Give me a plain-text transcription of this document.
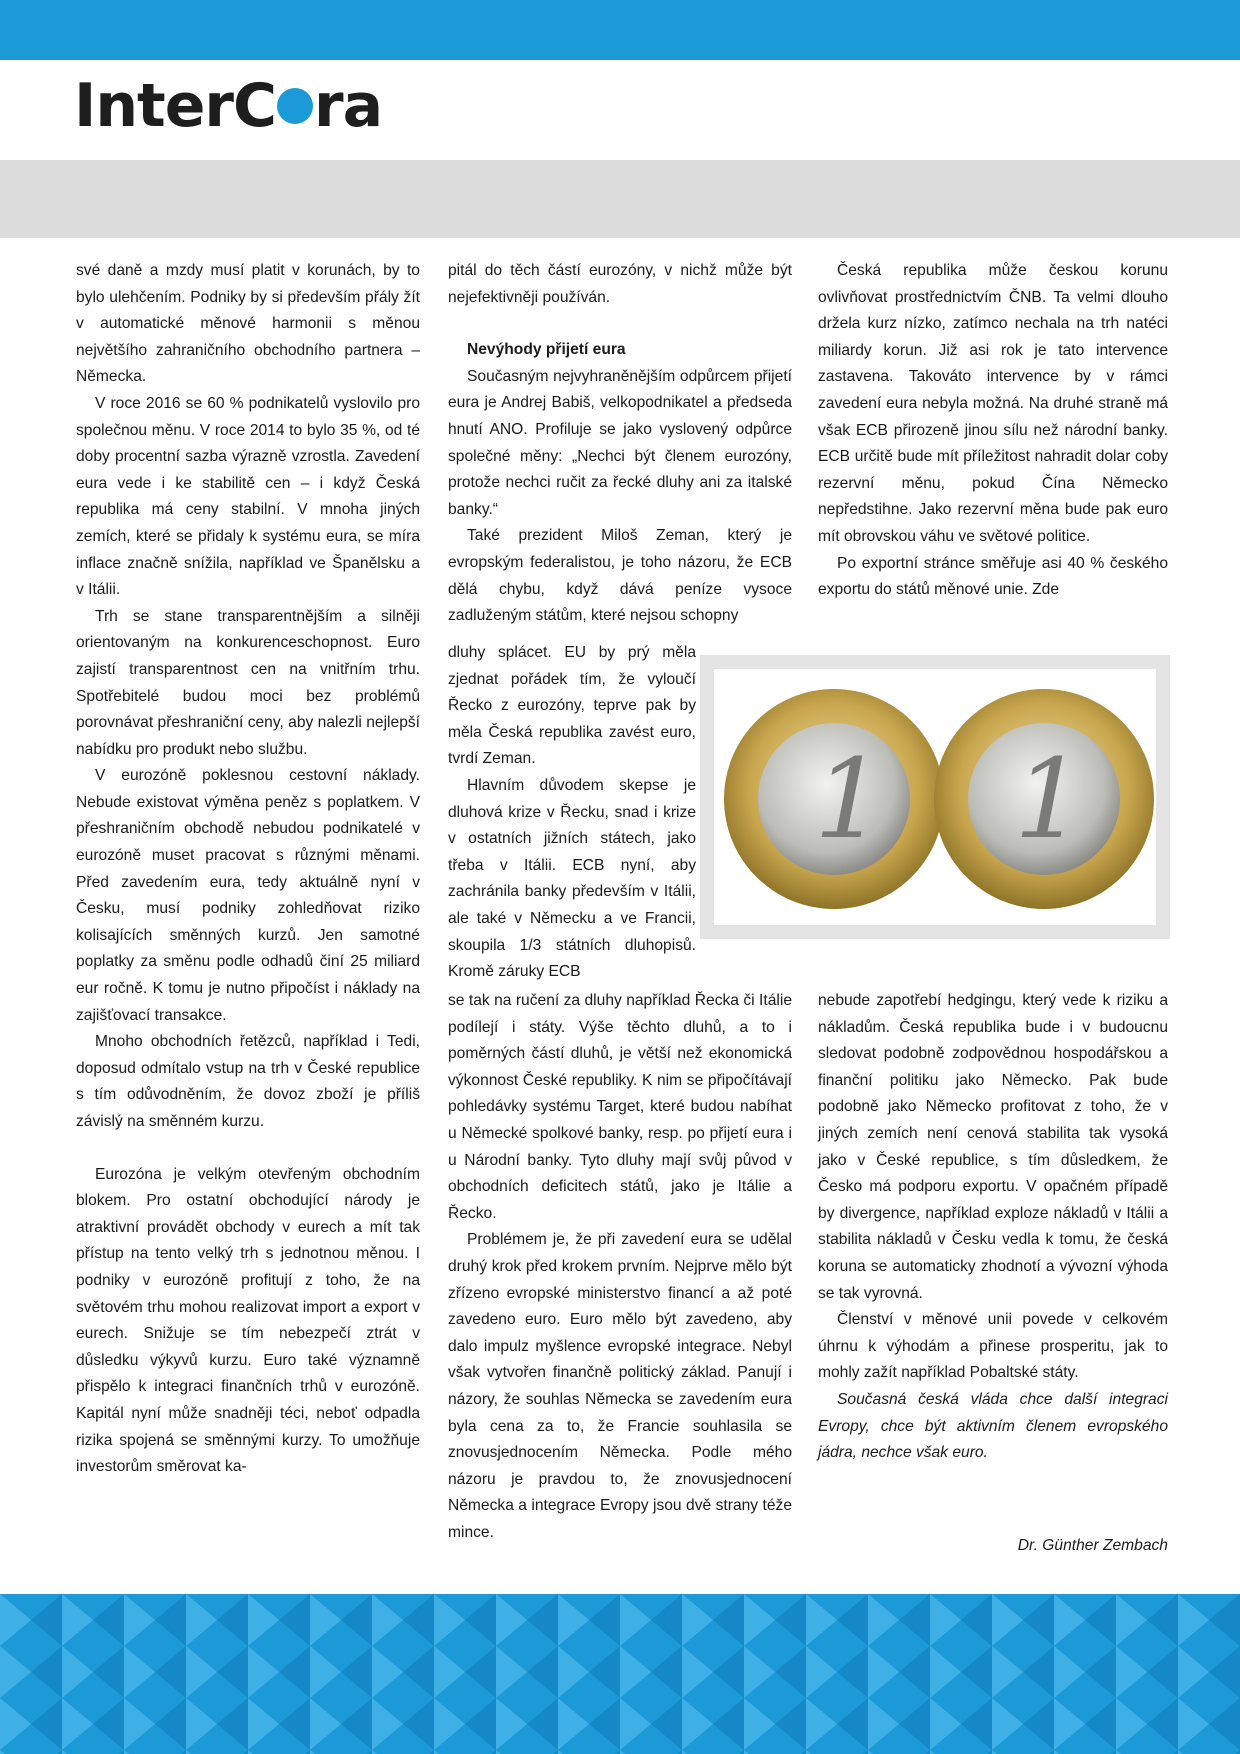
InterC ra

své daně a mzdy musí platit v korunách, by to bylo ulehčením. Podniky by si především přály žít v automatické měnové harmonii s měnou největšího zahraničního obchodního partnera – Německa.

V roce 2016 se 60 % podnikatelů vyslovilo pro společnou měnu. V roce 2014 to bylo 35 %, od té doby procentní sazba výrazně vzrostla. Zavedení eura vede i ke stabilitě cen – i když Česká republika má ceny stabilní. V mnoha jiných zemích, které se přidaly k systému eura, se míra inflace značně snížila, například ve Španělsku a v Itálii.

Trh se stane transparentnějším a silněji orientovaným na konkurenceschopnost. Euro zajistí transparentnost cen na vnitřním trhu. Spotřebitelé budou moci bez problémů porovnávat přeshraniční ceny, aby nalezli nejlepší nabídku pro produkt nebo službu.

V eurozóně poklesnou cestovní náklady. Nebude existovat výměna peněz s poplatkem. V přeshraničním obchodě nebudou podnikatelé v eurozóně muset pracovat s různými měnami. Před zavedením eura, tedy aktuálně nyní v Česku, musí podniky zohledňovat riziko kolisajících směnných kurzů. Jen samotné poplatky za směnu podle odhadů činí 25 miliard eur ročně. K tomu je nutno připočíst i náklady na zajišťovací transakce.

Mnoho obchodních řetězců, například i Tedi, doposud odmítalo vstup na trh v České republice s tím odůvodněním, že dovoz zboží je příliš závislý na směnném kurzu.

Eurozóna je velkým otevřeným obchodním blokem. Pro ostatní obchodující národy je atraktivní provádět obchody v eurech a mít tak přístup na tento velký trh s jednotnou měnou. I podniky v eurozóně profitují z toho, že na světovém trhu mohou realizovat import a export v eurech. Snižuje se tím nebezpečí ztrát v důsledku výkyvů kurzu. Euro také významně přispělo k integraci finančních trhů v eurozóně. Kapitál nyní může snadněji téci, neboť odpadla rizika spojená se směnnými kurzy. To umožňuje investorům směrovat ka-

pitál do těch částí eurozóny, v nichž může být nejefektivněji používán.

Nevýhody přijetí eura

Současným nejvyhraněnějším odpůrcem přijetí eura je Andrej Babiš, velkopodnikatel a předseda hnutí ANO. Profiluje se jako vyslovený odpůrce společné měny: „Nechci být členem eurozóny, protože nechci ručit za řecké dluhy ani za italské banky.“

Také prezident Miloš Zeman, který je evropským federalistou, je toho názoru, že ECB dělá chybu, když dává peníze vysoce zadluženým státům, které nejsou schopny

dluhy splácet. EU by prý měla zjednat pořádek tím, že vyloučí Řecko z eurozóny, teprve pak by měla Česká republika zavést euro, tvrdí Zeman.

Hlavním důvodem skepse je dluhová krize v Řecku, snad i krize v ostatních jižních státech, jako třeba v Itálii. ECB nyní, aby zachránila banky především v Itálii, ale také v Německu a ve Francii, skoupila 1/3 státních dluhopisů. Kromě záruky ECB

se tak na ručení za dluhy například Řecka či Itálie podílejí i státy. Výše těchto dluhů, a to i poměrných částí dluhů, je větší než ekonomická výkonnost České republiky. K nim se připočítávají pohledávky systému Target, které budou nabíhat u Německé spolkové banky, resp. po přijetí eura i u Národní banky. Tyto dluhy mají svůj původ v obchodních deficitech států, jako je Itálie a Řecko.

Problémem je, že při zavedení eura se udělal druhý krok před krokem prvním. Nejprve mělo být zřízeno evropské ministerstvo financí a až poté zavedeno euro. Euro mělo být zavedeno, aby dalo impulz myšlence evropské integrace. Nebyl však vytvořen finančně politický základ. Panují i názory, že souhlas Německa se zavedením eura byla cena za to, že Francie souhlasila se znovusjednocením Německa. Podle mého názoru je pravdou to, že znovusjednocení Německa a integrace Evropy jsou dvě strany téže mince.

Česká republika může českou korunu ovlivňovat prostřednictvím ČNB. Ta velmi dlouho držela kurz nízko, zatímco nechala na trh natéci miliardy korun. Již asi rok je tato intervence zastavena. Takováto intervence by v rámci zavedení eura nebyla možná. Na druhé straně má však ECB přirozeně jinou sílu než národní banky. ECB určitě bude mít příležitost nahradit dolar coby rezervní měnu, pokud Čína Německo nepředstihne. Jako rezervní měna bude pak euro mít obrovskou váhu ve světové politice.

Po exportní stránce směřuje asi 40 % českého exportu do států měnové unie. Zde

1 1

nebude zapotřebí hedgingu, který vede k riziku a nákladům. Česká republika bude i v budoucnu sledovat podobně zodpovědnou hospodářskou a finanční politiku jako Německo. Pak bude podobně jako Německo profitovat z toho, že v jiných zemích není cenová stabilita tak vysoká jako v České republice, s tím důsledkem, že Česko má podporu exportu. V opačném případě by divergence, například exploze nákladů v Itálii a stabilita nákladů v Česku vedla k tomu, že česká koruna se automaticky zhodnotí a vývozní výhoda se tak vyrovná.

Členství v měnové unii povede v celkovém úhrnu k výhodám a přinese prosperitu, jak to mohly zažít například Pobaltské státy.

Současná česká vláda chce další integraci Evropy, chce být aktivním členem evropského jádra, nechce však euro.

Dr. Günther Zembach
